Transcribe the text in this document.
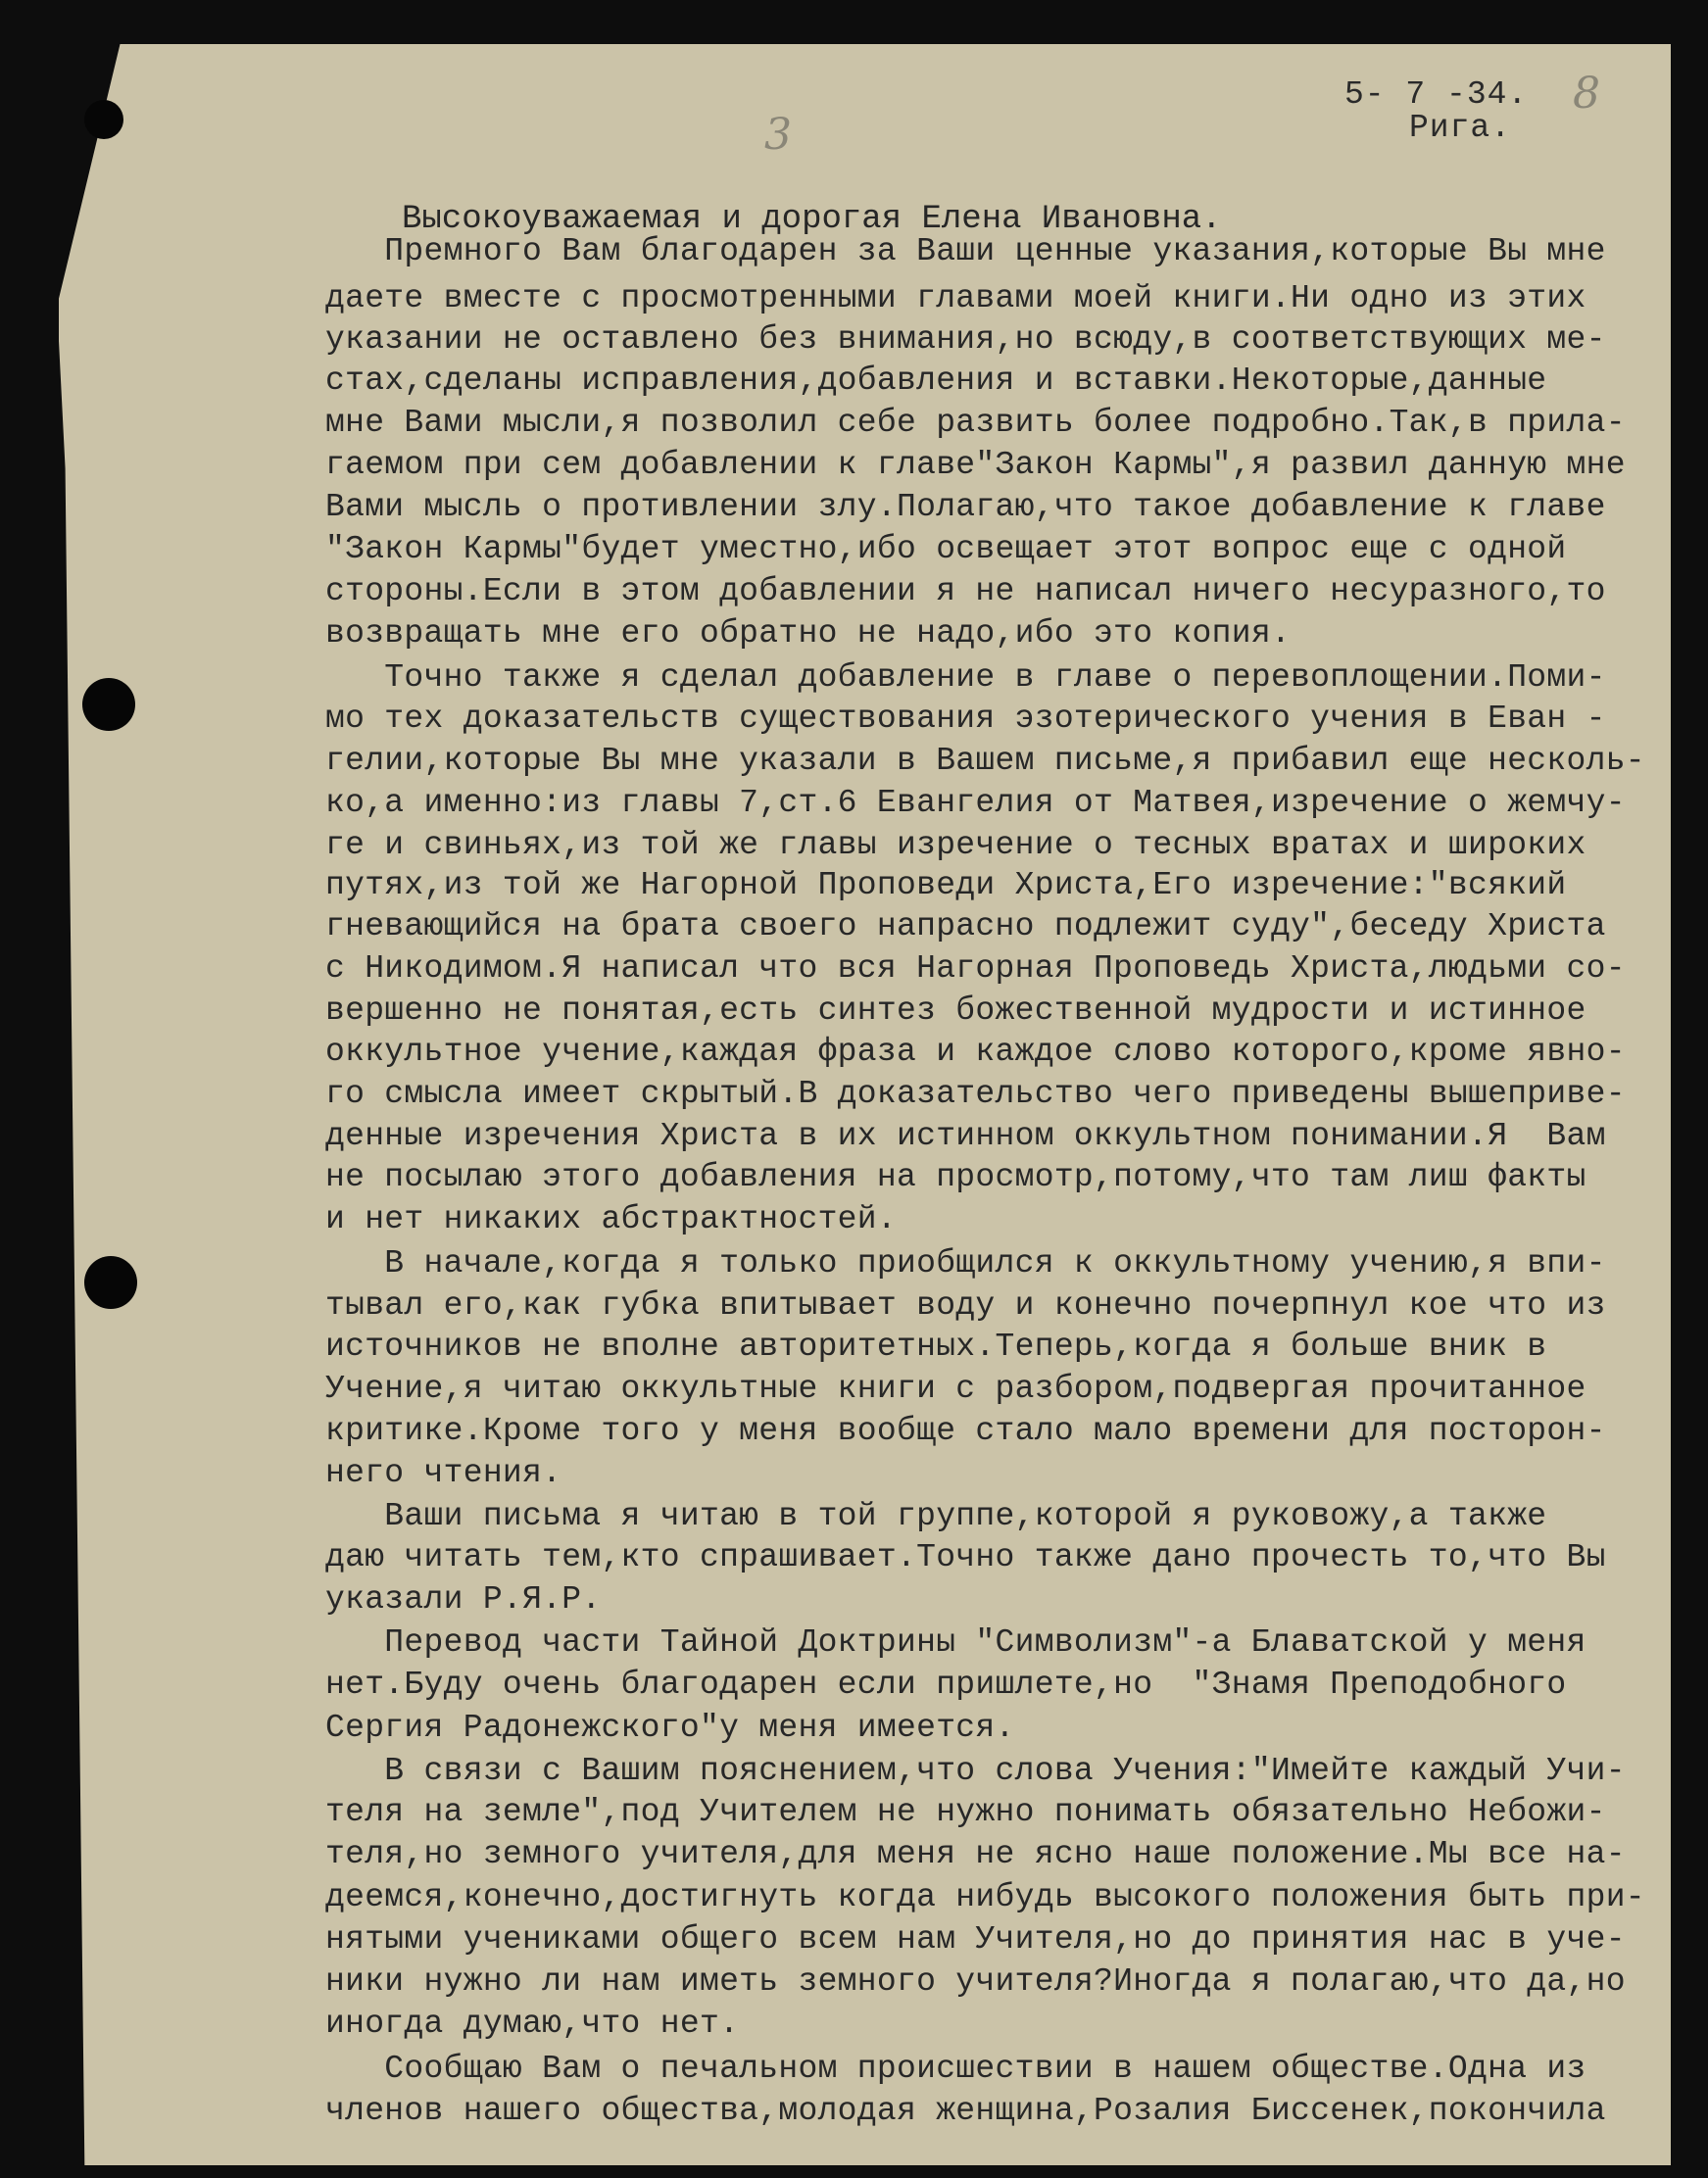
3
8
5- 7 -34.
Рига.
Высокоуважаемая и дорогая Елена Ивановна.
Премного Вам благодарен за Ваши ценные указания,которые Вы мне
даете вместе с просмотренными главами моей книги.Ни одно из этих
указании не оставлено без внимания,но всюду,в соответствующих ме-
стах,сделаны исправления,добавления и вставки.Некоторые,данные
мне Вами мысли,я позволил себе развить более подробно.Так,в прила-
гаемом при сем добавлении к главе"Закон Кармы",я развил данную мне
Вами мысль о противлении злу.Полагаю,что такое добавление к главе
"Закон Кармы"будет уместно,ибо освещает этот вопрос еще с одной
стороны.Если в этом добавлении я не написал ничего несуразного,то
возвращать мне его обратно не надо,ибо это копия.
Точно также я сделал добавление в главе о перевоплощении.Поми-
мо тех доказательств существования эзотерического учения в Еван -
гелии,которые Вы мне указали в Вашем письме,я прибавил еще несколь-
ко,а именно:из главы 7,ст.6 Евангелия от Матвея,изречение о жемчу-
ге и свиньях,из той же главы изречение о тесных вратах и широких
путях,из той же Нагорной Проповеди Христа,Его изречение:"всякий
гневающийся на брата своего напрасно подлежит суду",беседу Христа
с Никодимом.Я написал что вся Нагорная Проповедь Христа,людьми со-
вершенно не понятая,есть синтез божественной мудрости и истинное
оккультное учение,каждая фраза и каждое слово которого,кроме явно-
го смысла имеет скрытый.В доказательство чего приведены вышеприве-
денные изречения Христа в их истинном оккультном понимании.Я  Вам
не посылаю этого добавления на просмотр,потому,что там лиш факты
и нет никаких абстрактностей.
В начале,когда я только приобщился к оккультному учению,я впи-
тывал его,как губка впитывает воду и конечно почерпнул кое что из
источников не вполне авторитетных.Теперь,когда я больше вник в
Учение,я читаю оккультные книги с разбором,подвергая прочитанное
критике.Кроме того у меня вообще стало мало времени для посторон-
него чтения.
Ваши письма я читаю в той группе,которой я руковожу,а также
даю читать тем,кто спрашивает.Точно также дано прочесть то,что Вы
указали Р.Я.Р.
Перевод части Тайной Доктрины "Символизм"-а Блаватской у меня
нет.Буду очень благодарен если пришлете,но  "Знамя Преподобного
Сергия Радонежского"у меня имеется.
В связи с Вашим пояснением,что слова Учения:"Имейте каждый Учи-
теля на земле",под Учителем не нужно понимать обязательно Небожи-
теля,но земного учителя,для меня не ясно наше положение.Мы все на-
деемся,конечно,достигнуть когда нибудь высокого положения быть при-
нятыми учениками общего всем нам Учителя,но до принятия нас в уче-
ники нужно ли нам иметь земного учителя?Иногда я полагаю,что да,но
иногда думаю,что нет.
Сообщаю Вам о печальном происшествии в нашем обществе.Одна из
членов нашего общества,молодая женщина,Розалия Биссенек,покончила
